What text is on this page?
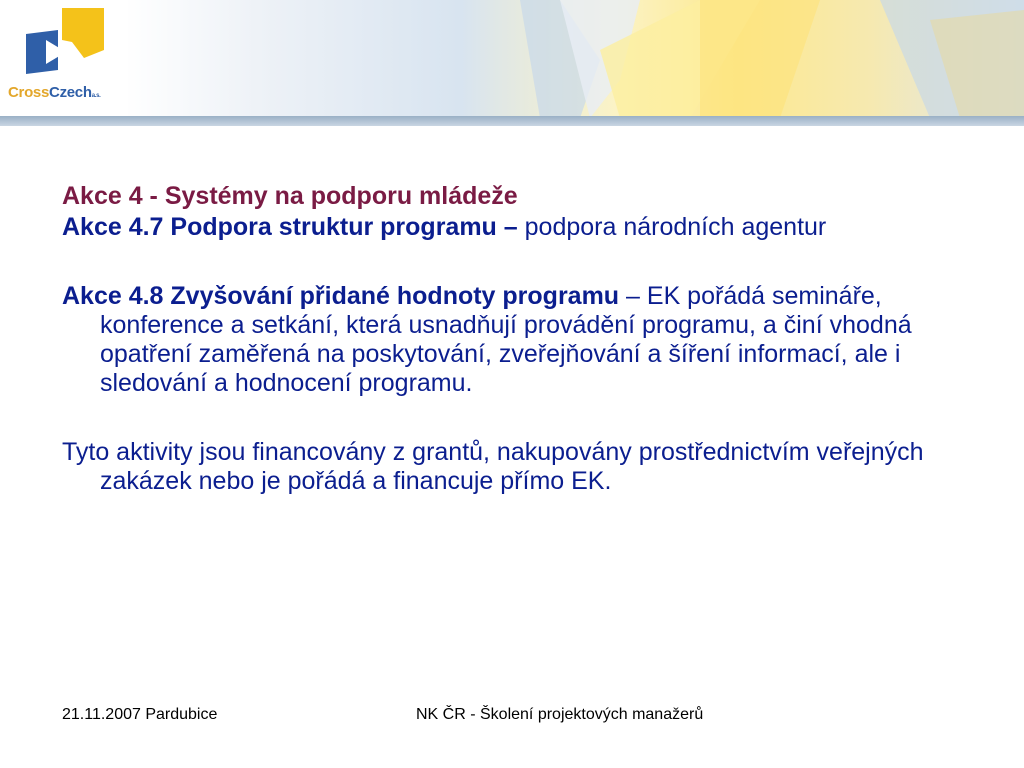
CrossCzecha.s.

Akce 4 - Systémy na podporu mládeže

Akce 4.7 Podpora struktur programu – podpora národních agentur

Akce 4.8 Zvyšování přidané hodnoty programu – EK pořádá semináře, konference a setkání, která usnadňují provádění programu, a činí vhodná opatření zaměřená na poskytování, zveřejňování a šíření informací, ale i sledování a hodnocení programu.

Tyto aktivity jsou financovány z grantů, nakupovány prostřednictvím veřejných zakázek nebo je pořádá a financuje přímo EK.

21.11.2007 Pardubice	NK ČR - Školení projektových manažerů
